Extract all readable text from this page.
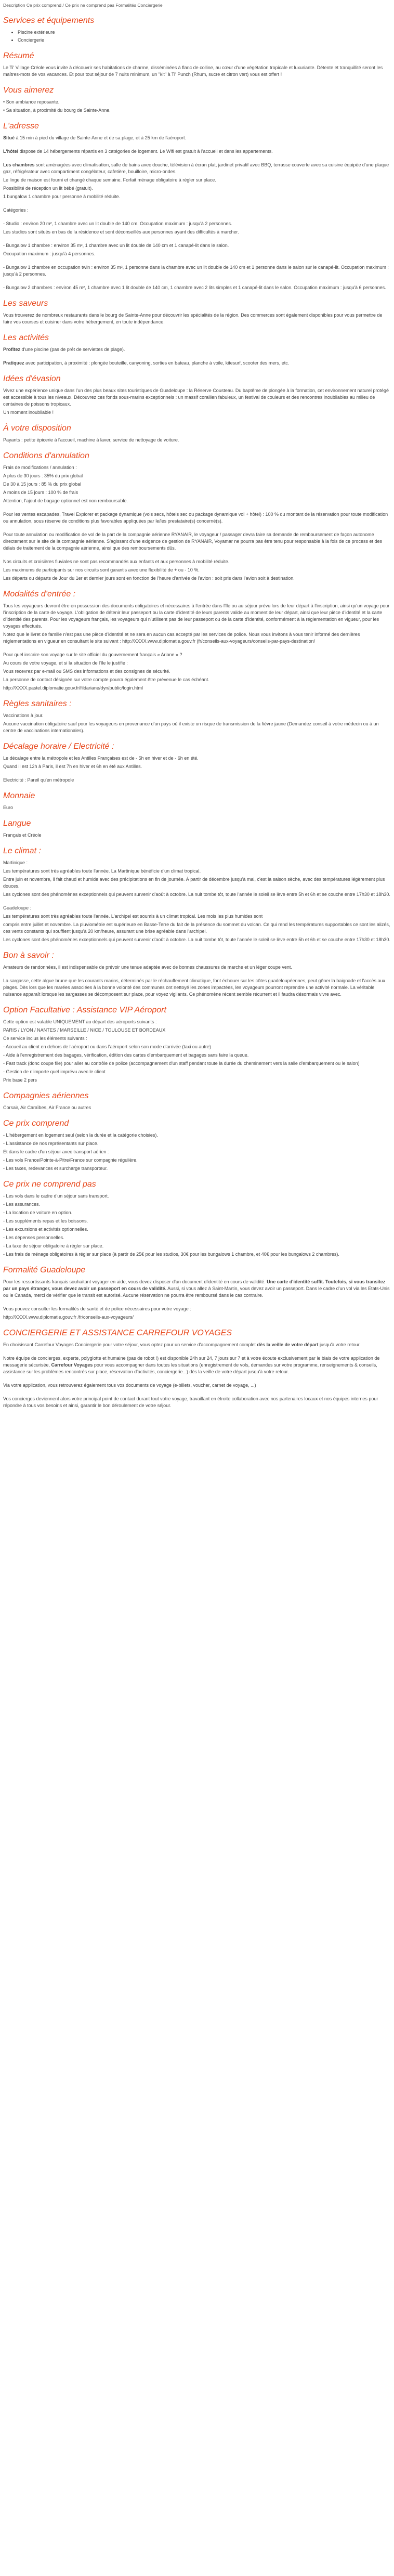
Description Ce prix comprend / Ce prix ne comprend pas Formalités Conciergerie

Services et équipements
• Piscine extérieure
• Conciergerie
Résumé

Le Ti' Village Créole vous invite à découvrir ses habitations de charme, disséminées à flanc de colline, au cœur d'une végétation tropicale et luxuriante. Détente et tranquillité seront les maîtres-mots de vos vacances. Et pour tout séjour de 7 nuits minimum, un "kit" à Ti' Punch (Rhum, sucre et citron vert) vous est offert !

Vous aimerez

• Son ambiance reposante.

• Sa situation, à proximité du bourg de Sainte-Anne.

L'adresse

Situé à 15 min à pied du village de Sainte-Anne et de sa plage, et à 25 km de l'aéroport.

L'hôtel dispose de 14 hébergements répartis en 3 catégories de logement. Le Wifi est gratuit à l'accueil et dans les appartements.

Les chambres sont aménagées avec climatisation, salle de bains avec douche, télévision à écran plat, jardinet privatif avec BBQ, terrasse couverte avec sa cuisine équipée d'une plaque gaz, réfrigérateur avec compartiment congélateur, cafetière, bouilloire, micro-ondes.

Le linge de maison est fourni et changé chaque semaine. Forfait ménage obligatoire à régler sur place.

Possibilité de réception un lit bébé (gratuit).

1 bungalow 1 chambre pour personne à mobilité réduite.

Catégories :

- Studio : environ 20 m², 1 chambre avec un lit double de 140 cm. Occupation maximum : jusqu'à 2 personnes.

Les studios sont situés en bas de la résidence et sont déconseillés aux personnes ayant des difficultés à marcher.

- Bungalow 1 chambre : environ 35 m², 1 chambre avec un lit double de 140 cm et 1 canapé-lit dans le salon.

Occupation maximum : jusqu'à 4 personnes.

- Bungalow 1 chambre en occupation twin : environ 35 m², 1 personne dans la chambre avec un lit double de 140 cm et 1 personne dans le salon sur le canapé-lit. Occupation maximum : jusqu'à 2 personnes.

- Bungalow 2 chambres : environ 45 m², 1 chambre avec 1 lit double de 140 cm, 1 chambre avec 2 lits simples et 1 canapé-lit dans le salon. Occupation maximum : jusqu'à 6 personnes.

Les saveurs

Vous trouverez de nombreux restaurants dans le bourg de Sainte-Anne pour découvrir les spécialités de la région. Des commerces sont également disponibles pour vous permettre de faire vos courses et cuisiner dans votre hébergement, en toute indépendance.

Les activités

Profitez d'une piscine (pas de prêt de serviettes de plage).

Pratiquez avec participation, à proximité : plongée bouteille, canyoning, sorties en bateau, planche à voile, kitesurf, scooter des mers, etc.

Idées d'évasion

Vivez une expérience unique dans l'un des plus beaux sites touristiques de Guadeloupe : la Réserve Cousteau. Du baptême de plongée à la formation, cet environnement naturel protégé est accessible à tous les niveaux. Découvrez ces fonds sous-marins exceptionnels : un massif corallien fabuleux, un festival de couleurs et des rencontres inoubliables au milieu de centaines de poissons tropicaux.

Un moment inoubliable !

À votre disposition

Payants : petite épicerie à l'accueil, machine à laver, service de nettoyage de voiture.

Conditions d'annulation

Frais de modifications / annulation :

A plus de 30 jours : 35% du prix global

De 30 à 15 jours : 85 % du prix global

A moins de 15 jours : 100 % de frais

Attention, l'ajout de bagage optionnel est non remboursable.

Pour les ventes escapades, Travel Explorer et package dynamique (vols secs, hôtels sec ou package dynamique vol + hôtel) : 100 % du montant de la réservation pour toute modification ou annulation, sous réserve de conditions plus favorables appliquées par le/les prestataire(s) concerné(s).

Pour toute annulation ou modification de vol de la part de la compagnie aérienne RYANAIR, le voyageur / passager devra faire sa demande de remboursement de façon autonome directement sur le site de la compagnie aérienne. S'agissant d'une exigence de gestion de RYANAIR, Voyamar ne pourra pas être tenu pour responsable à la fois de ce process et des délais de traitement de la compagnie aérienne, ainsi que des remboursements dûs.

Nos circuits et croisières fluviales ne sont pas recommandés aux enfants et aux personnes à mobilité réduite.

Les maximums de participants sur nos circuits sont garantis avec une flexibilité de + ou - 10 %.

Les départs ou départs de Jour du 1er et dernier jours sont en fonction de l'heure d'arrivée de l'avion : soit pris dans l'avion soit à destination.

Modalités d'entrée :

Tous les voyageurs devront être en possession des documents obligatoires et nécessaires à l'entrée dans l'île ou au séjour prévu lors de leur départ à l'inscription, ainsi qu'un voyage pour l'inscription de la carte de voyage. L'obligation de détenir leur passeport ou la carte d'identité de leurs parents valide au moment de leur départ, ainsi que leur pièce d'identité et la carte d'identité des parents. Pour les voyageurs français, les voyageurs qui n'utilisent pas de leur passeport ou de la carte d'identité, conformément à la réglementation en vigueur, pour les voyages effectués.

Notez que le livret de famille n'est pas une pièce d'identité et ne sera en aucun cas accepté par les services de police. Nous vous invitons à vous tenir informé des dernières réglementations en vigueur en consultant le site suivant : http://XXXX.www.diplomatie.gouv.fr (fr/conseils-aux-voyageurs/conseils-par-pays-destination/

Pour quel inscrire son voyage sur le site officiel du gouvernement français « Ariane » ?

Au cours de votre voyage, et si la situation de l'île le justifie :

Vous recevrez par e-mail ou SMS des informations et des consignes de sécurité.

La personne de contact désignée sur votre compte pourra également être prévenue le cas échéant.

http://XXXX.pastel.diplomatie.gouv.fr/fildariane/dyn/public/login.html

Règles sanitaires :

Vaccinations à jour.

Aucune vaccination obligatoire sauf pour les voyageurs en provenance d'un pays où il existe un risque de transmission de la fièvre jaune (Demandez conseil à votre médecin ou à un centre de vaccinations internationales).

Décalage horaire / Electricité :

Le décalage entre la métropole et les Antilles Françaises est de - 5h en hiver et de - 6h en été.

Quand il est 12h à Paris, il est 7h en hiver et 6h en été aux Antilles.

Electricité : Pareil qu'en métropole

Monnaie

Euro

Langue

Français et Créole

Le climat :

Martinique :

Les températures sont très agréables toute l'année. La Martinique bénéficie d'un climat tropical.

Entre juin et novembre, il fait chaud et humide avec des précipitations en fin de journée. À partir de décembre jusqu'à mai, c'est la saison sèche, avec des températures légèrement plus douces.

Les cyclones sont des phénomènes exceptionnels qui peuvent survenir d'août à octobre. La nuit tombe tôt, toute l'année le soleil se lève entre 5h et 6h et se couche entre 17h30 et 18h30.

Guadeloupe :

Les températures sont très agréables toute l'année. L'archipel est soumis à un climat tropical. Les mois les plus humides sont

compris entre juillet et novembre. La pluviométrie est supérieure en Basse-Terre du fait de la présence du sommet du volcan. Ce qui rend les températures supportables ce sont les alizés, ces vents constants qui soufflent jusqu'à 20 km/heure, assurant une brise agréable dans l'archipel.

Les cyclones sont des phénomènes exceptionnels qui peuvent survenir d'août à octobre. La nuit tombe tôt, toute l'année le soleil se lève entre 5h et 6h et se couche entre 17h30 et 18h30.

Bon à savoir :

Amateurs de randonnées, il est indispensable de prévoir une tenue adaptée avec de bonnes chaussures de marche et un léger coupe vent.

La sargasse, cette algue brune que les courants marins, déterminés par le réchauffement climatique, font échouer sur les côtes guadeloupéennes, peut gêner la baignade et l'accès aux plages. Dès lors que les marées associées à la bonne volonté des communes ont nettoyé les zones impactées, les voyageurs pourront reprendre une activité normale. La véritable nuisance apparaît lorsque les sargasses se décomposent sur place, pour voyez vigilants. Ce phénomène récent semble récurrent et il faudra désormais vivre avec.

Option Facultative : Assistance VIP Aéroport

Cette option est valable UNIQUEMENT au départ des aéroports suivants :

PARIS / LYON / NANTES / MARSEILLE / NICE / TOULOUSE ET BORDEAUX

Ce service inclus les éléments suivants :

- Accueil au client en dehors de l'aéroport ou dans l'aéroport selon son mode d'arrivée (taxi ou autre)

- Aide à l'enregistrement des bagages, vérification, édition des cartes d'embarquement et bagages sans faire la queue.

- Fast track (donc coupe file) pour aller au contrôle de police (accompagnement d'un staff pendant toute la durée du cheminement vers la salle d'embarquement ou le salon)

- Gestion de n'importe quel imprévu avec le client

Prix base 2 pers

Compagnies aériennes

Corsair, Air Caraïbes, Air France ou autres

Ce prix comprend

- L'hébergement en logement seul (selon la durée et la catégorie choisies).

- L'assistance de nos représentants sur place.

Et dans le cadre d'un séjour avec transport aérien :

- Les vols France/Pointe-à-Pitre/France sur compagnie régulière.

- Les taxes, redevances et surcharge transporteur.

Ce prix ne comprend pas

- Les vols dans le cadre d'un séjour sans transport.

- Les assurances.

- La location de voiture en option.

- Les suppléments repas et les boissons.

- Les excursions et activités optionnelles.

- Les dépenses personnelles.

- La taxe de séjour obligatoire à régler sur place.

- Les frais de ménage obligatoires à régler sur place (à partir de 25€ pour les studios, 30€ pour les bungalows 1 chambre, et 40€ pour les bungalows 2 chambres).

Formalité Guadeloupe

Pour les ressortissants français souhaitant voyager en aide, vous devez disposer d'un document d'identité en cours de validité. Une carte d'identité suffit. Toutefois, si vous transitez par un pays étranger, vous devez avoir un passeport en cours de validité. Aussi, si vous allez à Saint-Martin, vous devez avoir un passeport. Dans le cadre d'un vol via les Etats-Unis ou le Canada, merci de vérifier que le transit est autorisé. Aucune réservation ne pourra être remboursé dans le cas contraire.

Vous pouvez consulter les formalités de santé et de police nécessaires pour votre voyage :

http://XXXX.www.diplomatie.gouv.fr /fr/conseils-aux-voyageurs/

CONCIERGERIE ET ASSISTANCE CARREFOUR VOYAGES

En choisissant Carrefour Voyages Conciergerie pour votre séjour, vous optez pour un service d'accompagnement complet dès la veille de votre départ jusqu'à votre retour.

Notre équipe de concierges, experte, polyglotte et humaine (pas de robot !) est disponible 24h sur 24, 7 jours sur 7 et à votre écoute exclusivement par le biais de votre application de messagerie sécurisée, Carrefour Voyages pour vous accompagner dans toutes les situations (enregistrement de vols, demandes sur votre programme, renseignements & conseils, assistance sur les problèmes rencontrés sur place, réservation d'activités, conciergerie...) dès la veille de votre départ jusqu'à votre retour.

Via votre application, vous retrouverez également tous vos documents de voyage (e-billets, voucher, carnet de voyage, ...)

Vos concierges deviennent alors votre principal point de contact durant tout votre voyage, travaillant en étroite collaboration avec nos partenaires locaux et nos équipes internes pour répondre à tous vos besoins et ainsi, garantir le bon déroulement de votre séjour.
